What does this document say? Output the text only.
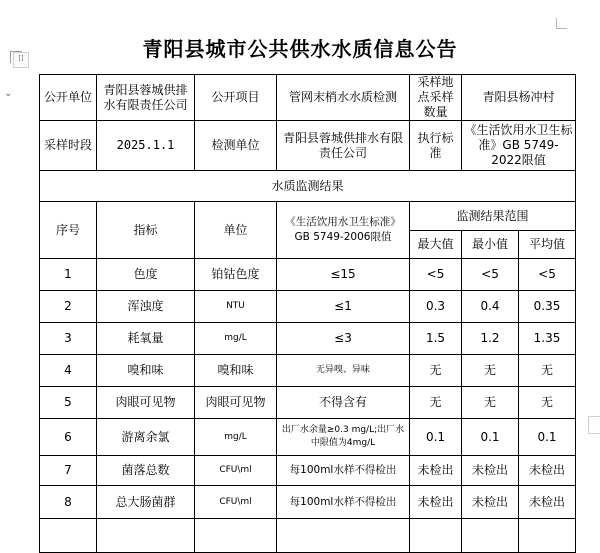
⁞⁞
⌄
青阳县城市公共供水水质信息公告
公开单位	青阳县蓉城供排水有限责任公司	公开项目	管网末梢水水质检测	采样地点采样数量	青阳县杨冲村	
采样时段	2025.1.1	检测单位	青阳县蓉城供排水有限责任公司	执行标准	《生活饮用水卫生标准》GB 5749-2022限值	
水质监测结果						
序号	指标	单位	《生活饮用水卫生标准》GB 5749-2006限值	监测结果范围		
				最大值	最小值	平均值
1	色度	铂钴色度	≤15	<5	<5	<5
2	浑浊度	NTU	≤1	0.3	0.4	0.35
3	耗氧量	mg/L	≤3	1.5	1.2	1.35
4	嗅和味	嗅和味	无异嗅、异味	无	无	无
5	肉眼可见物	肉眼可见物	不得含有	无	无	无
6	游离余氯	mg/L	出厂水余量≥0.3 mg/L;出厂水中限值为4mg/L	0.1	0.1	0.1
7	菌落总数	CFU\ml	每100ml水样不得检出	未检出	未检出	未检出
8	总大肠菌群	CFU\ml	每100ml水样不得检出	未检出	未检出	未检出
